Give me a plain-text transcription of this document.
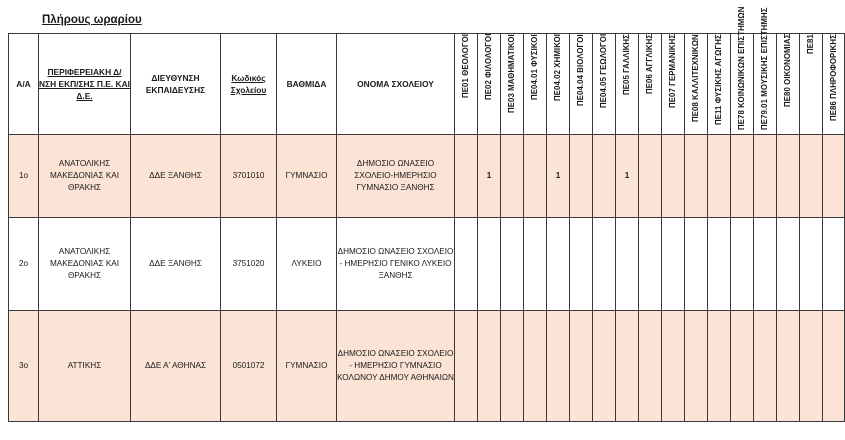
Πλήρους ωραρίου
Α/Α	ΠΕΡΙΦΕΡΕΙΑΚΗ Δ/ΝΣΗ ΕΚΠ/ΣΗΣ Π.Ε. ΚΑΙ Δ.Ε.	ΔΙΕΥΘΥΝΣΗ ΕΚΠΑΙΔΕΥΣΗΣ	Κωδικός Σχολείου	ΒΑΘΜΙΔΑ	ΟΝΟΜΑ ΣΧΟΛΕΙΟΥ	ΠΕ01 ΘΕΟΛΟΓΟΙ	ΠΕ02 ΦΙΛΟΛΟΓΟΙ	ΠΕ03 ΜΑΘΗΜΑΤΙΚΟΙ	ΠΕ04.01 ΦΥΣΙΚΟΙ	ΠΕ04.02 ΧΗΜΙΚΟΙ	ΠΕ04.04 ΒΙΟΛΟΓΟΙ	ΠΕ04.05 ΓΕΩΛΟΓΟΙ	ΠΕ05 ΓΑΛΛΙΚΗΣ	ΠΕ06 ΑΓΓΛΙΚΗΣ	ΠΕ07 ΓΕΡΜΑΝΙΚΗΣ	ΠΕ08 ΚΑΛΛΙΤΕΧΝΙΚΩΝ	ΠΕ11 ΦΥΣΙΚΗΣ ΑΓΩΓΗΣ	ΠΕ78 ΚΟΙΝΩΝΙΚΩΝ ΕΠΙΣΤΗΜΩΝ	ΠΕ79.01 ΜΟΥΣΙΚΗΣ ΕΠΙΣΤΗΜΗΣ	ΠΕ80 ΟΙΚΟΝΟΜΙΑΣ	ΠΕ81	ΠΕ86 ΠΛΗΡΟΦΟΡΙΚΗΣ
1ο	ΑΝΑΤΟΛΙΚΗΣ ΜΑΚΕΔΟΝΙΑΣ ΚΑΙ ΘΡΑΚΗΣ	ΔΔΕ ΞΑΝΘΗΣ	3701010	ΓΥΜΝΑΣΙΟ	ΔΗΜΟΣΙΟ ΩΝΑΣΕΙΟ ΣΧΟΛΕΙΟ-ΗΜΕΡΗΣΙΟ ΓΥΜΝΑΣΙΟ ΞΑΝΘΗΣ		1			1			1									
2ο	ΑΝΑΤΟΛΙΚΗΣ ΜΑΚΕΔΟΝΙΑΣ ΚΑΙ ΘΡΑΚΗΣ	ΔΔΕ ΞΑΝΘΗΣ	3751020	ΛΥΚΕΙΟ	ΔΗΜΟΣΙΟ ΩΝΑΣΕΙΟ ΣΧΟΛΕΙΟ - ΗΜΕΡΗΣΙΟ ΓΕΝΙΚΟ ΛΥΚΕΙΟ ΞΑΝΘΗΣ																	
3ο	ΑΤΤΙΚΗΣ	ΔΔΕ Α' ΑΘΗΝΑΣ	0501072	ΓΥΜΝΑΣΙΟ	ΔΗΜΟΣΙΟ ΩΝΑΣΕΙΟ ΣΧΟΛΕΙΟ - ΗΜΕΡΗΣΙΟ ΓΥΜΝΑΣΙΟ ΚΟΛΩΝΟΥ ΔΗΜΟΥ ΑΘΗΝΑΙΩΝ																	
